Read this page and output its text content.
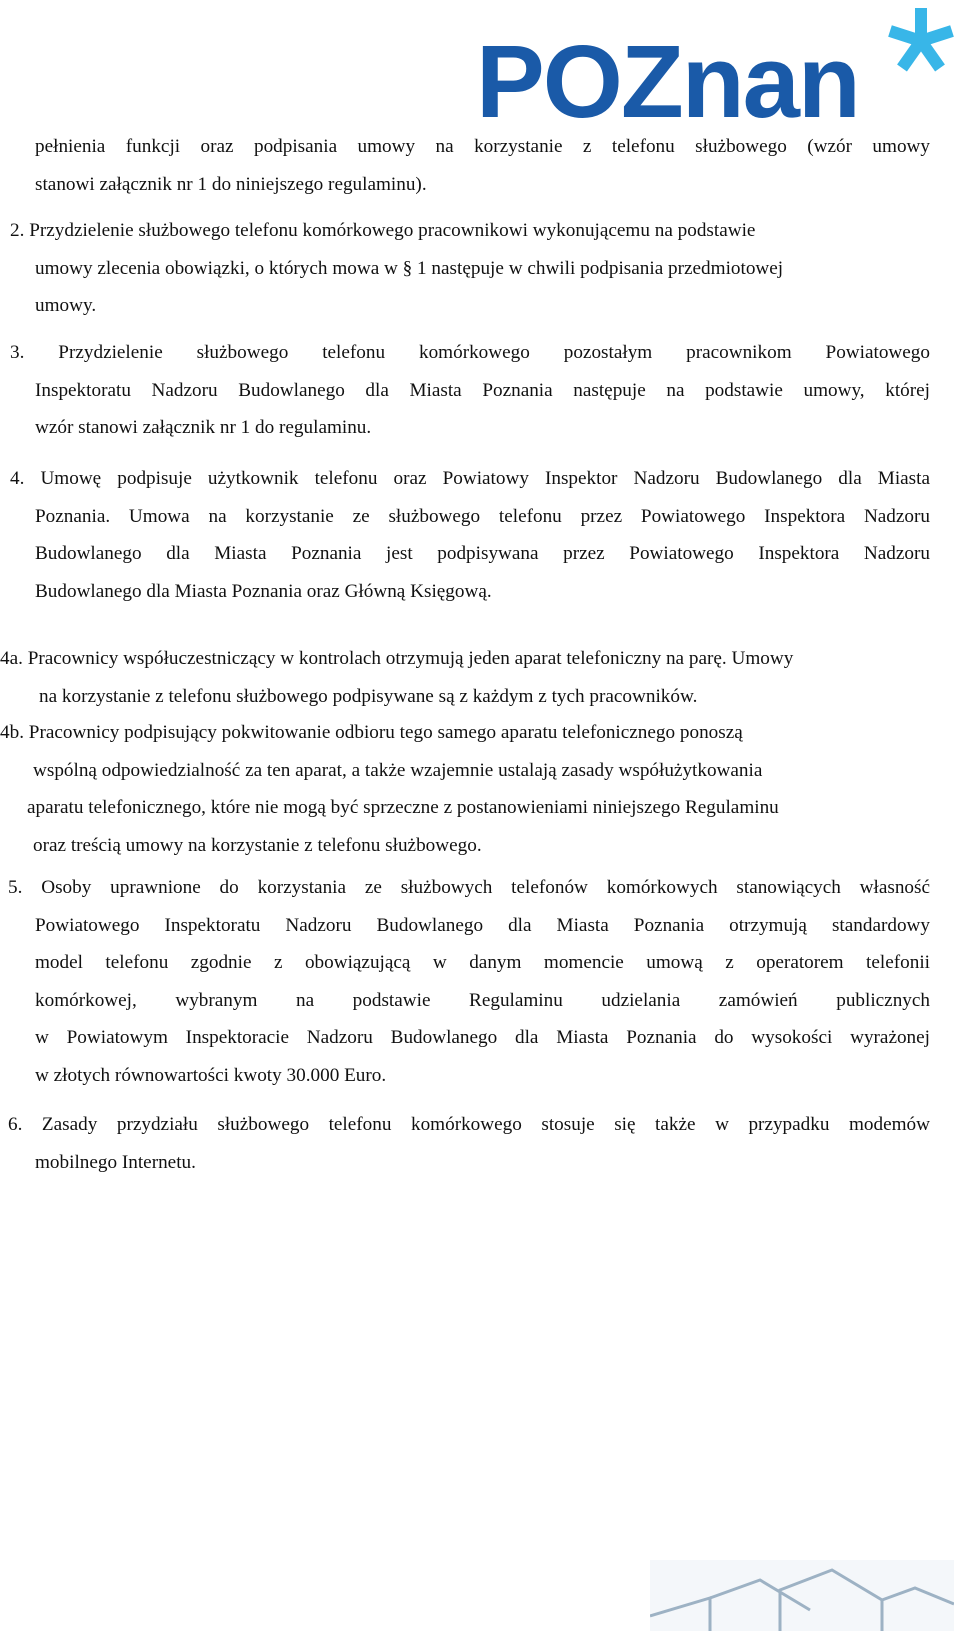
POZnan
pełnienia funkcji oraz podpisania umowy na korzystanie z telefonu służbowego (wzór umowy
stanowi załącznik nr 1 do niniejszego regulaminu).
2. Przydzielenie służbowego telefonu komórkowego pracownikowi wykonującemu na podstawie
umowy zlecenia obowiązki, o których mowa w § 1 następuje w chwili podpisania przedmiotowej
umowy.
3. Przydzielenie służbowego telefonu komórkowego pozostałym pracownikom Powiatowego
Inspektoratu Nadzoru Budowlanego dla Miasta Poznania następuje na podstawie umowy, której
wzór stanowi załącznik nr 1 do regulaminu.
4. Umowę podpisuje użytkownik telefonu oraz Powiatowy Inspektor Nadzoru Budowlanego dla Miasta
Poznania. Umowa na korzystanie ze służbowego telefonu przez Powiatowego Inspektora Nadzoru
Budowlanego dla Miasta Poznania jest podpisywana przez Powiatowego Inspektora Nadzoru
Budowlanego dla Miasta Poznania oraz Główną Księgową.
4a. Pracownicy współuczestniczący w kontrolach otrzymują jeden aparat telefoniczny na parę. Umowy
na korzystanie z telefonu służbowego podpisywane są z każdym z tych pracowników.
4b. Pracownicy podpisujący pokwitowanie odbioru tego samego aparatu telefonicznego ponoszą
wspólną odpowiedzialność za ten aparat, a także wzajemnie ustalają zasady współużytkowania
aparatu telefonicznego, które nie mogą być sprzeczne z postanowieniami niniejszego Regulaminu
oraz treścią umowy na korzystanie z telefonu służbowego.
5. Osoby uprawnione do korzystania ze służbowych telefonów komórkowych stanowiących własność
Powiatowego Inspektoratu Nadzoru Budowlanego dla Miasta Poznania otrzymują standardowy
model telefonu zgodnie z obowiązującą w danym momencie umową z operatorem telefonii
komórkowej, wybranym na podstawie Regulaminu udzielania zamówień publicznych
w Powiatowym Inspektoracie Nadzoru Budowlanego dla Miasta Poznania do wysokości wyrażonej
w złotych równowartości kwoty 30.000 Euro.
6. Zasady przydziału służbowego telefonu komórkowego stosuje się także w przypadku modemów
mobilnego Internetu.
